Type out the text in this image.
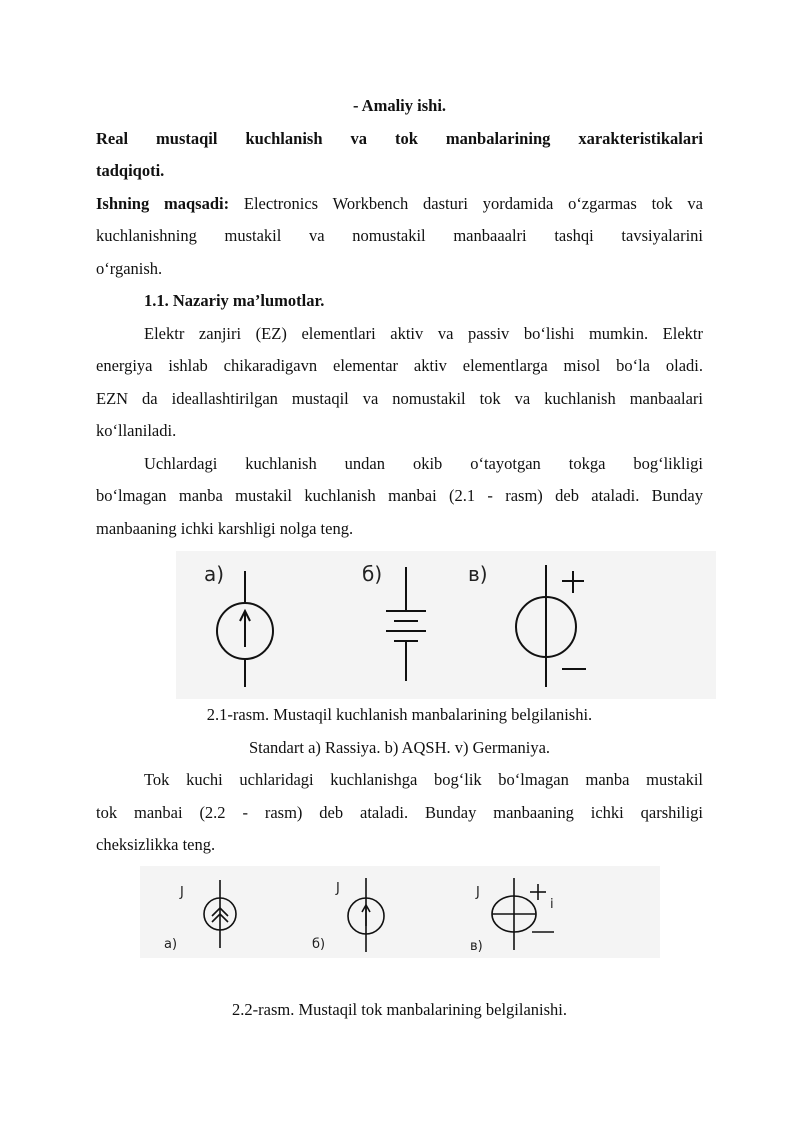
- Amaliy ishi.

Real mustaqil kuchlanish va tok manbalarining xarakteristikalari

tadqiqoti.

Ishning maqsadi: Electronics Workbench dasturi yordamida o‘zgarmas tok va

kuchlanishning mustakil va nomustakil manbaaalri tashqi tavsiyalarini

o‘rganish.

1.1. Nazariy ma’lumotlar.

Elektr zanjiri (EZ) elementlari aktiv va passiv bo‘lishi mumkin. Elektr

energiya ishlab chikaradigavn elementar aktiv elementlarga misol bo‘la oladi.

EZN da ideallashtirilgan mustaqil va nomustakil tok va kuchlanish manbaalari

ko‘llaniladi.

Uchlardagi kuchlanish undan okib o‘tayotgan tokga bog‘likligi

bo‘lmagan manba mustakil kuchlanish manbai (2.1 - rasm) deb ataladi. Bunday

manbaaning ichki karshligi nolga teng.

а)	б)	в)

2.1-rasm. Mustaqil kuchlanish manbalarining belgilanishi.

Standart a) Rassiya. b) AQSH. v) Germaniya.

Tok kuchi uchlaridagi kuchlanishga bog‘lik bo‘lmagan manba mustakil

tok manbai (2.2 - rasm) deb ataladi. Bunday manbaaning ichki qarshiligi

cheksizlikka teng.

J	J	J
i
а)	б)	в)

2.2-rasm. Mustaqil tok manbalarining belgilanishi.
